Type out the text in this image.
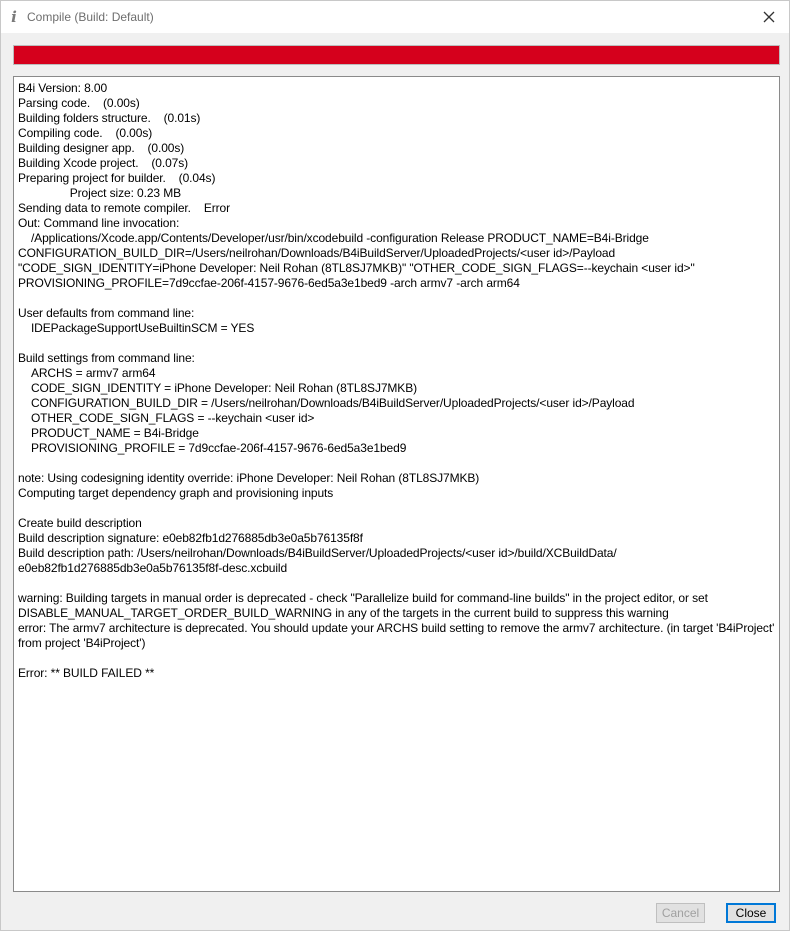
i Compile (Build: Default)
B4i Version: 8.00
Parsing code.    (0.00s)
Building folders structure.    (0.01s)
Compiling code.    (0.00s)
Building designer app.    (0.00s)
Building Xcode project.    (0.07s)
Preparing project for builder.    (0.04s)
Project size: 0.23 MB
Sending data to remote compiler.    Error
Out: Command line invocation:
/Applications/Xcode.app/Contents/Developer/usr/bin/xcodebuild -configuration Release PRODUCT_NAME=B4i-Bridge CONFIGURATION_BUILD_DIR=/Users/neilrohan/Downloads/B4iBuildServer/UploadedProjects/<user id>/Payload "CODE_SIGN_IDENTITY=iPhone Developer: Neil Rohan (8TL8SJ7MKB)" "OTHER_CODE_SIGN_FLAGS=--keychain <user id>" PROVISIONING_PROFILE=7d9ccfae-206f-4157-9676-6ed5a3e1bed9 -arch armv7 -arch arm64

User defaults from command line:
IDEPackageSupportUseBuiltinSCM = YES

Build settings from command line:
ARCHS = armv7 arm64
CODE_SIGN_IDENTITY = iPhone Developer: Neil Rohan (8TL8SJ7MKB)
CONFIGURATION_BUILD_DIR = /Users/neilrohan/Downloads/B4iBuildServer/UploadedProjects/<user id>/Payload
OTHER_CODE_SIGN_FLAGS = --keychain <user id>
PRODUCT_NAME = B4i-Bridge
PROVISIONING_PROFILE = 7d9ccfae-206f-4157-9676-6ed5a3e1bed9

note: Using codesigning identity override: iPhone Developer: Neil Rohan (8TL8SJ7MKB)
Computing target dependency graph and provisioning inputs

Create build description
Build description signature: e0eb82fb1d276885db3e0a5b76135f8f
Build description path: /Users/neilrohan/Downloads/B4iBuildServer/UploadedProjects/<user id>/build/XCBuildData/ e0eb82fb1d276885db3e0a5b76135f8f-desc.xcbuild

warning: Building targets in manual order is deprecated - check "Parallelize build for command-line builds" in the project editor, or set DISABLE_MANUAL_TARGET_ORDER_BUILD_WARNING in any of the targets in the current build to suppress this warning
error: The armv7 architecture is deprecated. You should update your ARCHS build setting to remove the armv7 architecture. (in target 'B4iProject' from project 'B4iProject')

Error: ** BUILD FAILED **
Cancel	Close
